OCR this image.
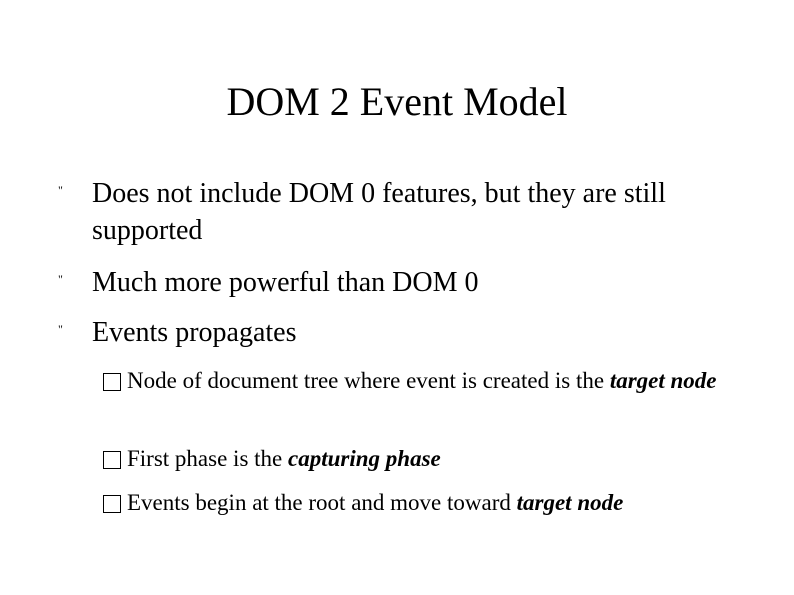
DOM 2 Event Model
" Does not include DOM 0 features, but they are still supported
" Much more powerful than DOM 0
" Events propagates
Node of document tree where event is created is the target node
First phase is the capturing phase
Events begin at the root and move toward target node
